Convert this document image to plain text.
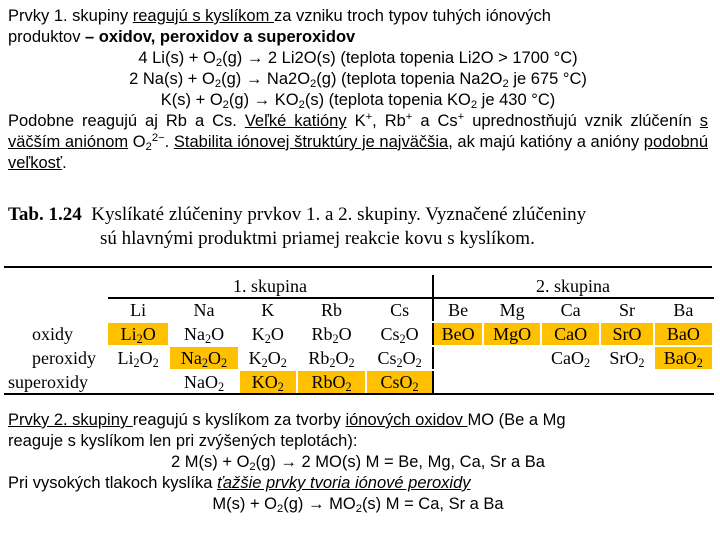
Prvky 1. skupiny reagujú s kyslíkom za vzniku troch typov tuhých iónových
produktov – oxidov, peroxidov a superoxidov
4 $Li(s) + O_2(g) \to 2$ Li2O(s) (teplota topenia Li2O > 1700 °C)
2 $Na(s) + O_2(g) \to Na2O_2(g)$ (teplota topenia $Na2O_2$ je 675 °C)
$K(s) + O_2(g) \to KO_2(s)$ (teplota topenia $KO_2$ je 430 °C)
Podobne reagujú aj Rb a Cs. Veľké katióny K+, Rb+ a Cs+ uprednostňujú vznik zlúčenín s väčším aniónom $O_2^{2-}$. Stabilita iónovej štruktúry je najväčšia, ak majú katióny a anióny podobnú veľkosť.
Tab. 1.24 Kyslíkaté zlúčeniny prvkov 1. a 2. skupiny. Vyznačené zlúčeniny
sú hlavnými produktmi priamej reakcie kovu s kyslíkom.

	1. skupina					2. skupina				
	Li	Na	K	Rb	Cs	Be	Mg	Ca	Sr	Ba
oxidy	$Li_2O$	$Na_2O$	$K_2O$	$Rb_2O$	$Cs_2O$	BeO	MgO	CaO	SrO	BaO
peroxidy	$Li_2O_2$	$Na_2O_2$	$K_2O_2$	$Rb_2O_2$	$Cs_2O_2$			CaO$_2$	SrO$_2$	BaO$_2$
superoxidy		NaO$_2$	$KO_2$	RbO$_2$	CsO$_2$					
Prvky 2. skupiny reagujú s kyslíkom za tvorby iónových oxidov MO (Be a Mg
reaguje s kyslíkom len pri zvýšených teplotách):
2 $M(s) + O_2(g) \to 2$ MO(s) M = Be, Mg, Ca, Sr a Ba
Pri vysokých tlakoch kyslíka ťažšie prvky tvoria iónové peroxidy
$M(s) + O_2(g) \to MO_2(s) M = Ca$, Sr a Ba
